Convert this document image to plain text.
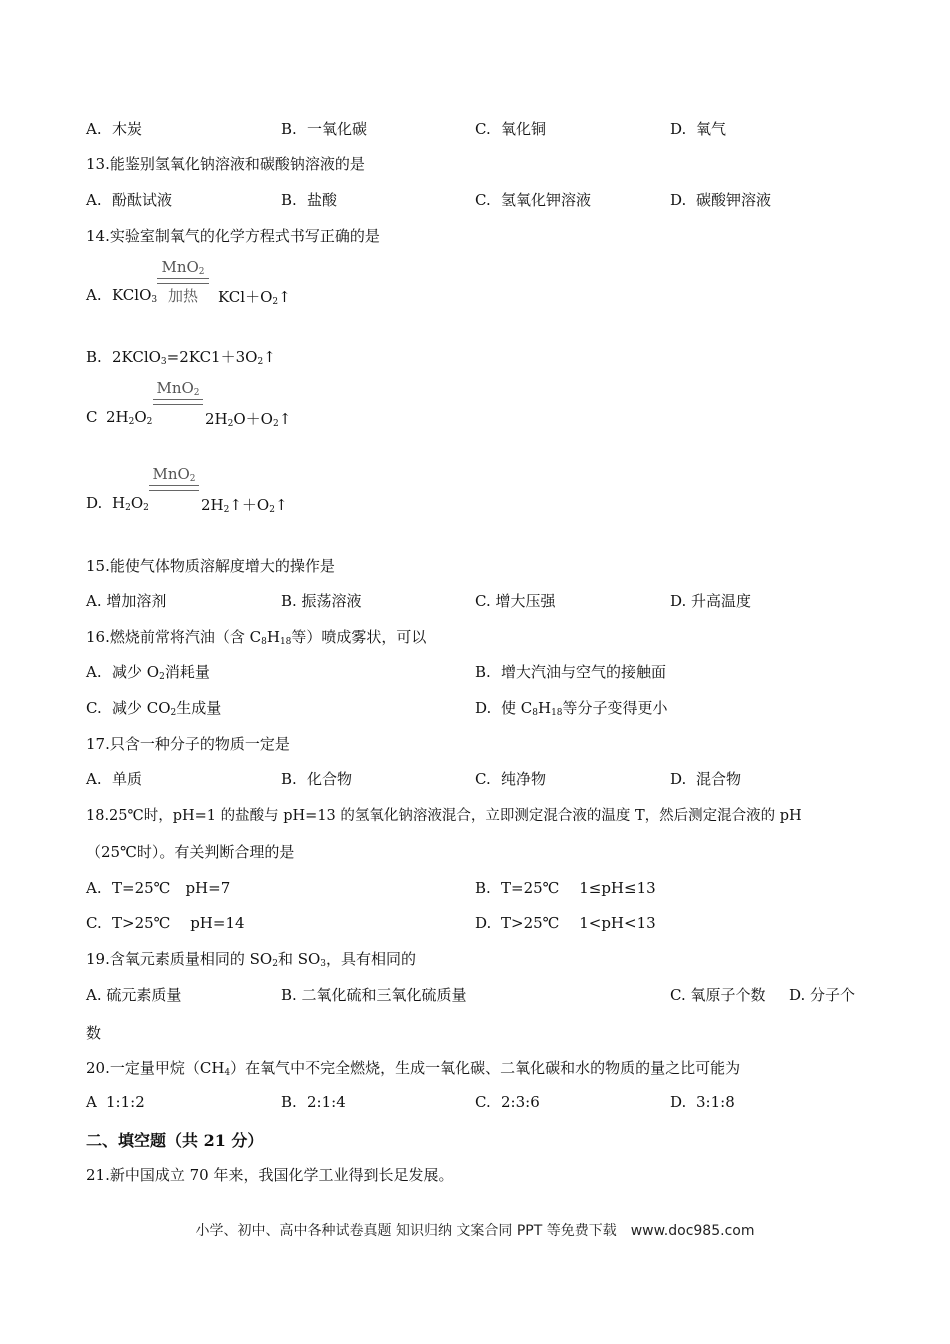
A. 木炭	B. 一氧化碳	C. 氧化铜	D. 氧气
13.能鉴别氢氧化钠溶液和碳酸钠溶液的是
A. 酚酞试液	B. 盐酸	C. 氢氧化钾溶液	D. 碳酸钾溶液
14.实验室制氧气的化学方程式书写正确的是
A. KClO$_3$
MnO$_2$
加热	$KCl+O_2↑$
B. $2KClO_3=2KC1+3O_2↑$
C $2H_2O_2$
MnO$_2$
$2H_2O+O_2↑$
D. $H_2O_2$
MnO$_2$
$2H_2↑+O_2↑$
15.能使气体物质溶解度增大的操作是
A. 增加溶剂	B. 振荡溶液	C. 增大压强	D. 升高温度
16.燃烧前常将汽油（含 $C_8H_{18}$等）喷成雾状，可以
A. 减少 $O_2$消耗量	B. 增大汽油与空气的接触面
C. 减少 $CO_2$生成量	D. 使 $C_8H_{18}$等分子变得更小
17.只含一种分子的物质一定是
A. 单质	B. 化合物	C. 纯净物	D. 混合物
18.25℃时，pH=1 的盐酸与 pH=13 的氢氧化钠溶液混合，立即测定混合液的温度 T，然后测定混合液的 pH
（25℃时）。有关判断合理的是
A. T=25℃　pH=7	B. T=25℃　 1≤pH≤13
C. T>25℃　 pH=14	D. T>25℃　 1<pH<13
19.含氧元素质量相同的 $SO_2$和 $SO_3$，具有相同的
A. 硫元素质量	B. 二氧化硫和三氧化硫质量	C. 氧原子个数 D. 分子个
数
20.一定量甲烷$(CH_4)$在氧气中不完全燃烧，生成一氧化碳、二氧化碳和水的物质的量之比可能为
A 1:1:2	B. 2:1:4	C. 2:3:6	D. 3:1:8
二、填空题（共 21 分）
21.新中国成立 70 年来，我国化学工业得到长足发展。
小学、初中、高中各种试卷真题 知识归纳 文案合同 PPT 等免费下载　www.doc985.com
